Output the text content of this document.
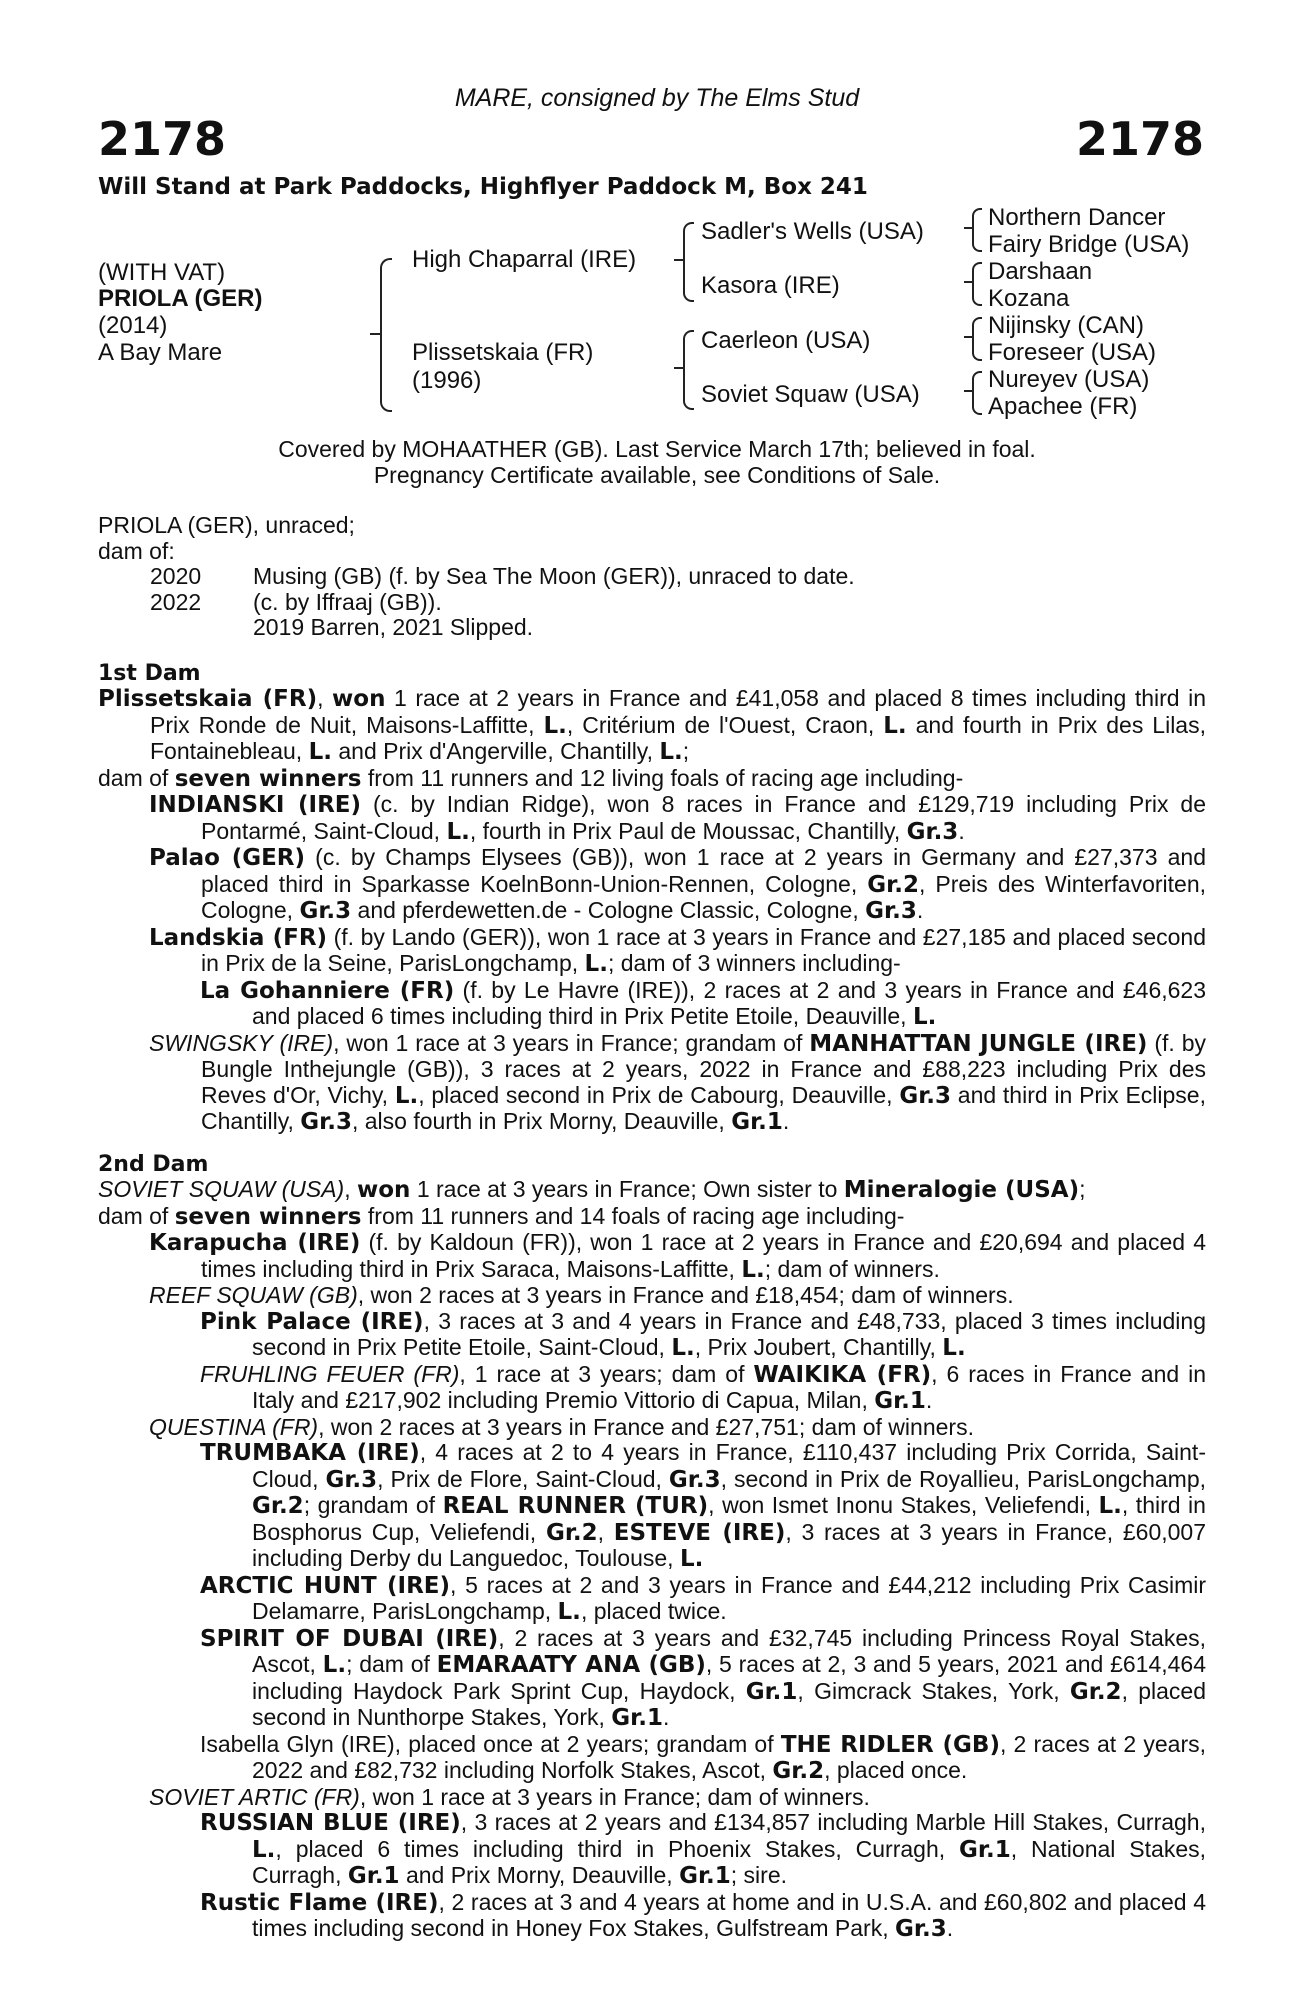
MARE, consigned by The Elms Stud
2178	2178
Will Stand at Park Paddocks, Highflyer Paddock M, Box 241
(WITH VAT)
PRIOLA (GER)
(2014)
A Bay Mare
High Chaparral (IRE)
Plissetskaia (FR)
(1996)
Sadler's Wells (USA)
Kasora (IRE)
Caerleon (USA)
Soviet Squaw (USA)
Northern Dancer
Fairy Bridge (USA)
Darshaan
Kozana
Nijinsky (CAN)
Foreseer (USA)
Nureyev (USA)
Apachee (FR)
Covered by MOHAATHER (GB). Last Service March 17th; believed in foal.
Pregnancy Certificate available, see Conditions of Sale.

PRIOLA (GER), unraced;

dam of:

2020	Musing (GB) (f. by Sea The Moon (GER)), unraced to date.
2022	(c. by Iffraaj (GB)).
	2019 Barren, 2021 Slipped.
1st Dam

Plissetskaia (FR), won 1 race at 2 years in France and £41,058 and placed 8 times including third in Prix Ronde de Nuit, Maisons-Laffitte, L., Critérium de l'Ouest, Craon, L. and fourth in Prix des Lilas, Fontainebleau, L. and Prix d'Angerville, Chantilly, L.;

dam of seven winners from 11 runners and 12 living foals of racing age including-

INDIANSKI (IRE) (c. by Indian Ridge), won 8 races in France and £129,719 including Prix de Pontarmé, Saint-Cloud, L., fourth in Prix Paul de Moussac, Chantilly, Gr.3.

Palao (GER) (c. by Champs Elysees (GB)), won 1 race at 2 years in Germany and £27,373 and placed third in Sparkasse KoelnBonn-Union-Rennen, Cologne, Gr.2, Preis des Winterfavoriten, Cologne, Gr.3 and pferdewetten.de - Cologne Classic, Cologne, Gr.3.

Landskia (FR) (f. by Lando (GER)), won 1 race at 3 years in France and £27,185 and placed second in Prix de la Seine, ParisLongchamp, L.; dam of 3 winners including-

La Gohanniere (FR) (f. by Le Havre (IRE)), 2 races at 2 and 3 years in France and £46,623 and placed 6 times including third in Prix Petite Etoile, Deauville, L.

SWINGSKY (IRE), won 1 race at 3 years in France; grandam of MANHATTAN JUNGLE (IRE) (f. by Bungle Inthejungle (GB)), 3 races at 2 years, 2022 in France and £88,223 including Prix des Reves d'Or, Vichy, L., placed second in Prix de Cabourg, Deauville, Gr.3 and third in Prix Eclipse, Chantilly, Gr.3, also fourth in Prix Morny, Deauville, Gr.1.

2nd Dam

SOVIET SQUAW (USA), won 1 race at 3 years in France; Own sister to Mineralogie (USA);

dam of seven winners from 11 runners and 14 foals of racing age including-

Karapucha (IRE) (f. by Kaldoun (FR)), won 1 race at 2 years in France and £20,694 and placed 4 times including third in Prix Saraca, Maisons-Laffitte, L.; dam of winners.

REEF SQUAW (GB), won 2 races at 3 years in France and £18,454; dam of winners.

Pink Palace (IRE), 3 races at 3 and 4 years in France and £48,733, placed 3 times including second in Prix Petite Etoile, Saint-Cloud, L., Prix Joubert, Chantilly, L.

FRUHLING FEUER (FR), 1 race at 3 years; dam of WAIKIKA (FR), 6 races in France and in Italy and £217,902 including Premio Vittorio di Capua, Milan, Gr.1.

QUESTINA (FR), won 2 races at 3 years in France and £27,751; dam of winners.

TRUMBAKA (IRE), 4 races at 2 to 4 years in France, £110,437 including Prix Corrida, Saint-Cloud, Gr.3, Prix de Flore, Saint-Cloud, Gr.3, second in Prix de Royallieu, ParisLongchamp, Gr.2; grandam of REAL RUNNER (TUR), won Ismet Inonu Stakes, Veliefendi, L., third in Bosphorus Cup, Veliefendi, Gr.2, ESTEVE (IRE), 3 races at 3 years in France, £60,007 including Derby du Languedoc, Toulouse, L.

ARCTIC HUNT (IRE), 5 races at 2 and 3 years in France and £44,212 including Prix Casimir Delamarre, ParisLongchamp, L., placed twice.

SPIRIT OF DUBAI (IRE), 2 races at 3 years and £32,745 including Princess Royal Stakes, Ascot, L.; dam of EMARAATY ANA (GB), 5 races at 2, 3 and 5 years, 2021 and £614,464 including Haydock Park Sprint Cup, Haydock, Gr.1, Gimcrack Stakes, York, Gr.2, placed second in Nunthorpe Stakes, York, Gr.1.

Isabella Glyn (IRE), placed once at 2 years; grandam of THE RIDLER (GB), 2 races at 2 years, 2022 and £82,732 including Norfolk Stakes, Ascot, Gr.2, placed once.

SOVIET ARTIC (FR), won 1 race at 3 years in France; dam of winners.

RUSSIAN BLUE (IRE), 3 races at 2 years and £134,857 including Marble Hill Stakes, Curragh, L., placed 6 times including third in Phoenix Stakes, Curragh, Gr.1, National Stakes, Curragh, Gr.1 and Prix Morny, Deauville, Gr.1; sire.

Rustic Flame (IRE), 2 races at 3 and 4 years at home and in U.S.A. and £60,802 and placed 4 times including second in Honey Fox Stakes, Gulfstream Park, Gr.3.
